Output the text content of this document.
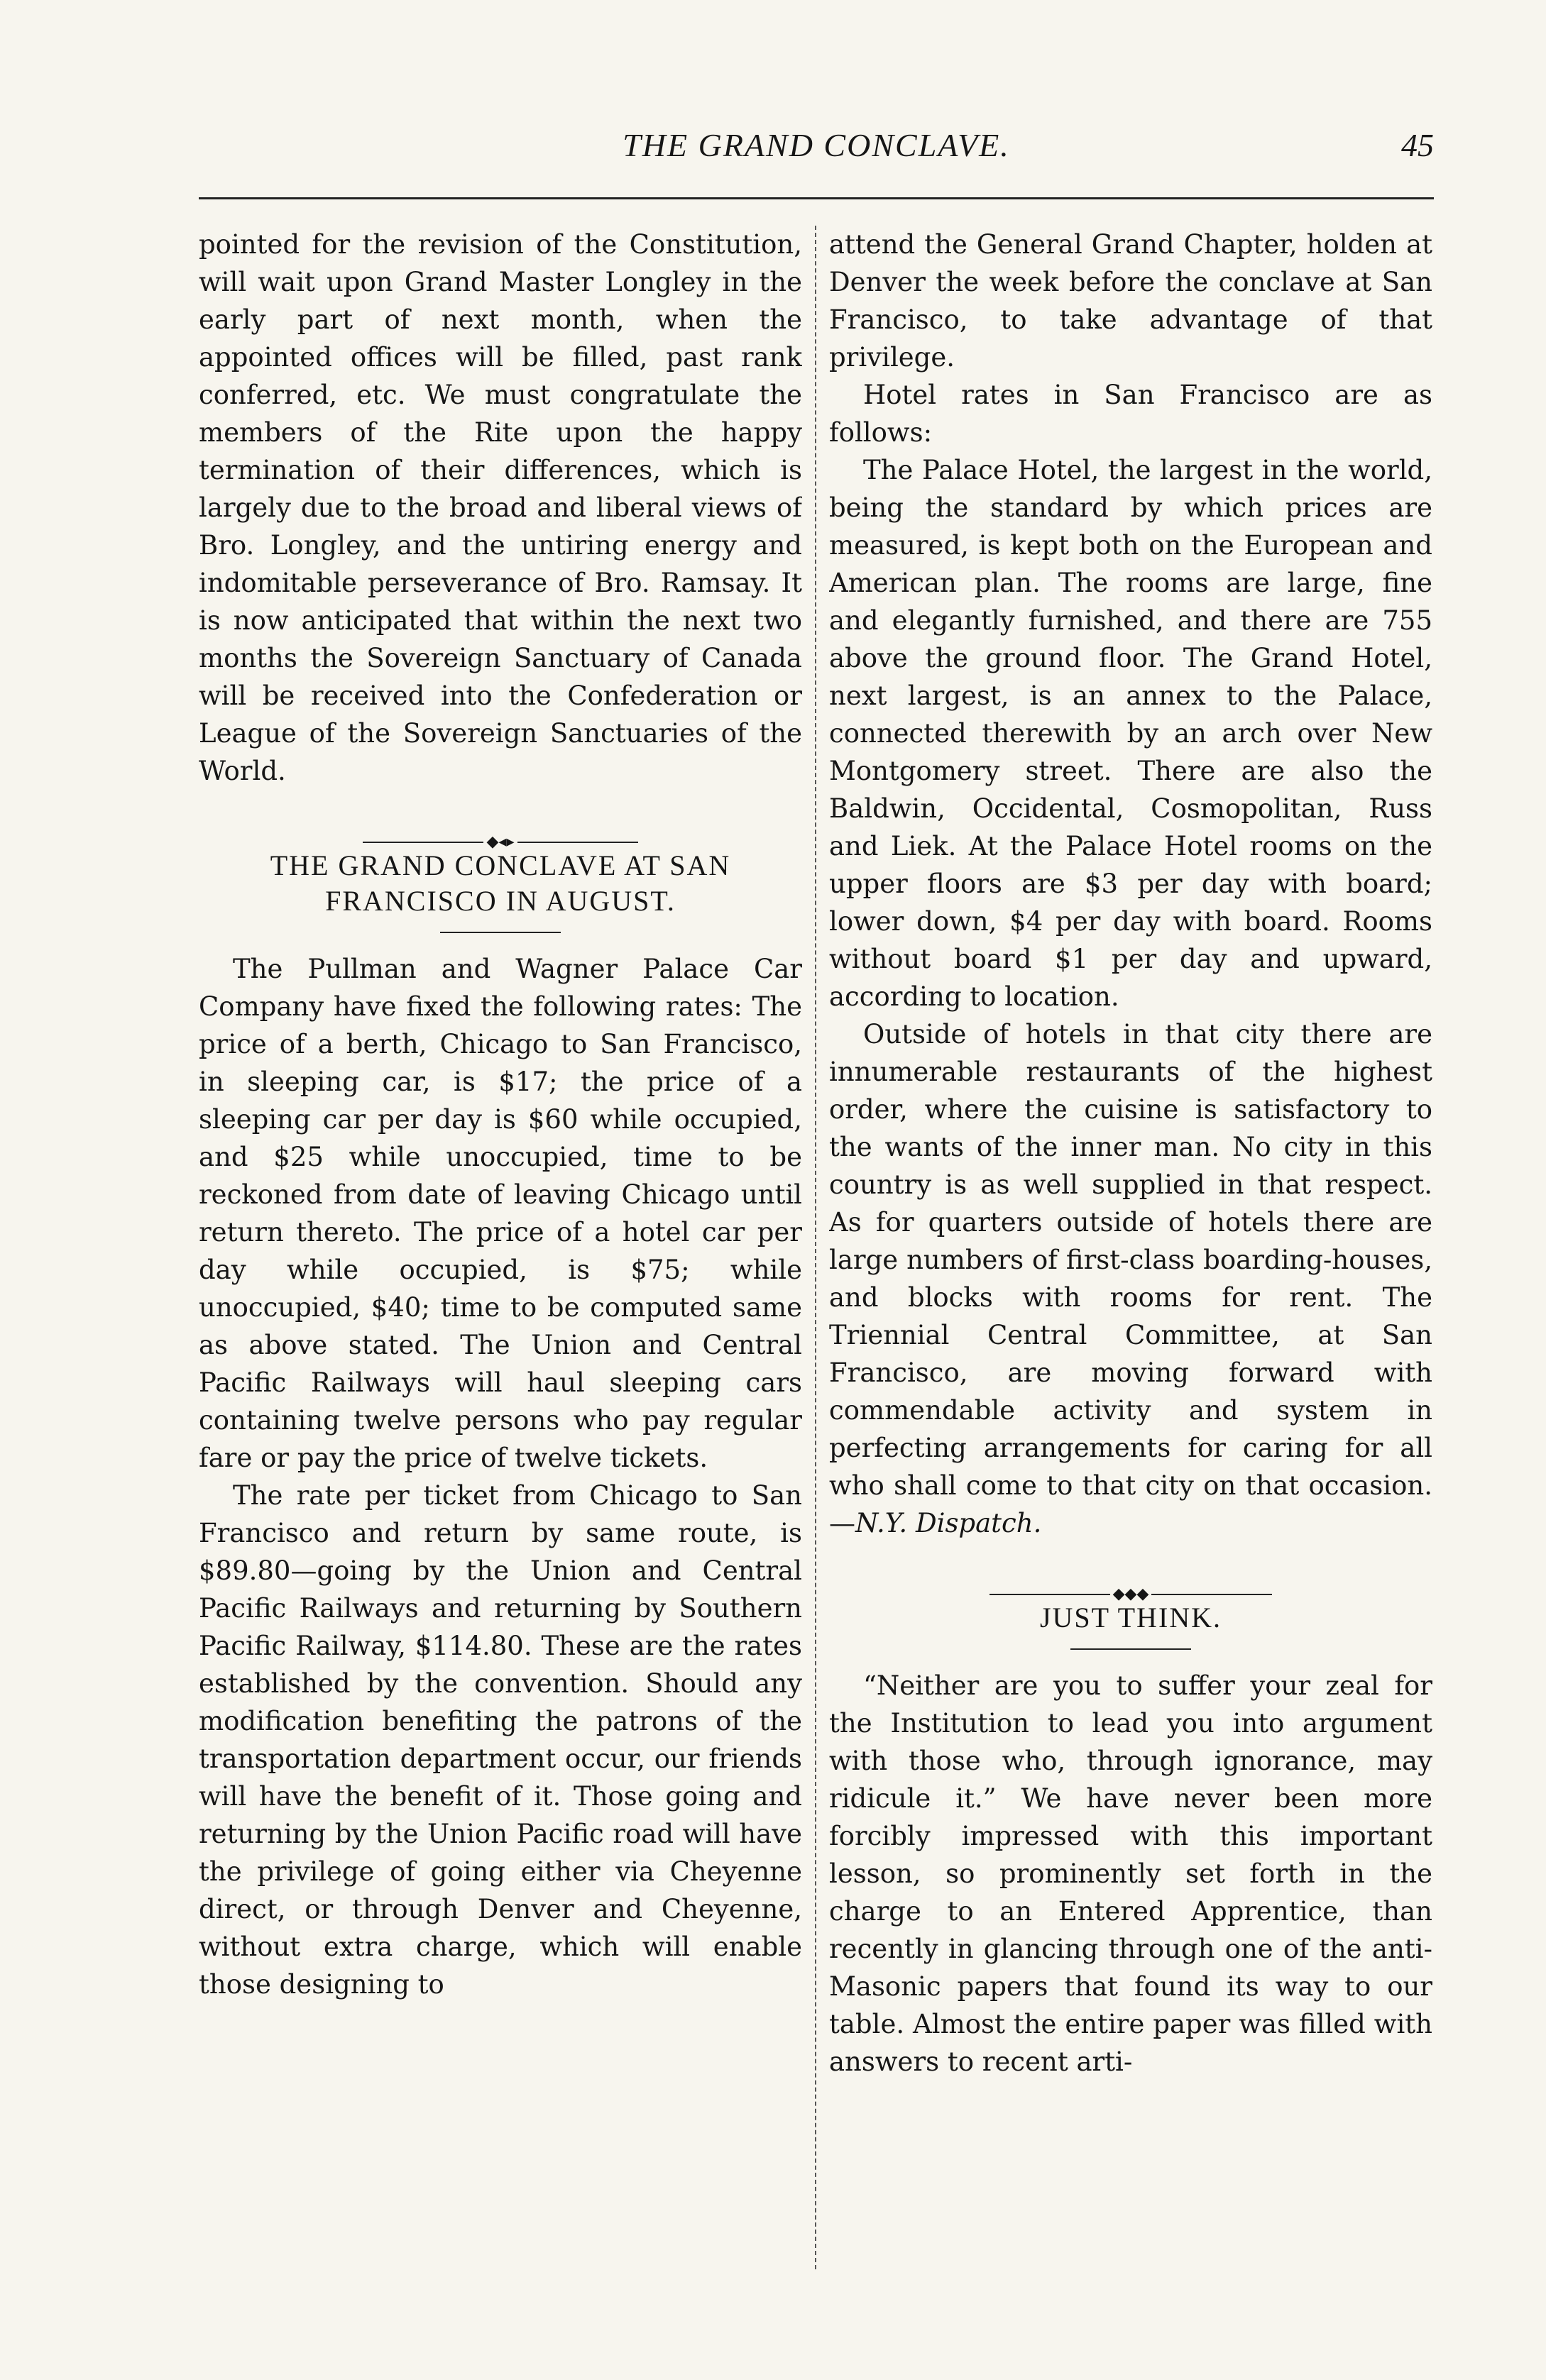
THE GRAND CONCLAVE.	45

pointed for the revision of the Constitution, will wait upon Grand Master Longley in the early part of next month, when the appointed offices will be filled, past rank conferred, etc. We must congratulate the members of the Rite upon the happy termination of their differences, which is largely due to the broad and liberal views of Bro. Longley, and the untiring energy and indomitable perseverance of Bro. Ramsay. It is now anticipated that within the next two months the Sovereign Sanctuary of Canada will be received into the Confederation or League of the Sovereign Sanctuaries of the World.

◆◂▸
THE GRAND CONCLAVE AT SAN FRANCISCO IN AUGUST.

The Pullman and Wagner Palace Car Company have fixed the following rates: The price of a berth, Chicago to San Francisco, in sleeping car, is $17; the price of a sleeping car per day is $60 while occupied, and $25 while unoccupied, time to be reckoned from date of leaving Chicago until return thereto. The price of a hotel car per day while occupied, is $75; while unoccupied, $40; time to be computed same as above stated. The Union and Central Pacific Railways will haul sleeping cars containing twelve persons who pay regular fare or pay the price of twelve tickets.

The rate per ticket from Chicago to San Francisco and return by same route, is $89.80—going by the Union and Central Pacific Railways and returning by Southern Pacific Railway, $114.80. These are the rates established by the convention. Should any modification benefiting the patrons of the transportation department occur, our friends will have the benefit of it. Those going and returning by the Union Pacific road will have the privilege of going either via Cheyenne direct, or through Denver and Cheyenne, without extra charge, which will enable those designing to

attend the General Grand Chapter, holden at Denver the week before the conclave at San Francisco, to take advantage of that privilege.

Hotel rates in San Francisco are as follows:

The Palace Hotel, the largest in the world, being the standard by which prices are measured, is kept both on the European and American plan. The rooms are large, fine and elegantly furnished, and there are 755 above the ground floor. The Grand Hotel, next largest, is an annex to the Palace, connected therewith by an arch over New Montgomery street. There are also the Baldwin, Occidental, Cosmopolitan, Russ and Liek. At the Palace Hotel rooms on the upper floors are $3 per day with board; lower down, $4 per day with board. Rooms without board $1 per day and upward, according to location.

Outside of hotels in that city there are innumerable restaurants of the highest order, where the cuisine is satisfactory to the wants of the inner man. No city in this country is as well supplied in that respect. As for quarters outside of hotels there are large numbers of first-class boarding-houses, and blocks with rooms for rent. The Triennial Central Committee, at San Francisco, are moving forward with commendable activity and system in perfecting arrangements for caring for all who shall come to that city on that occasion.—N.Y. Dispatch.

◆◆◆
JUST THINK.

“Neither are you to suffer your zeal for the Institution to lead you into argument with those who, through ignorance, may ridicule it.” We have never been more forcibly impressed with this important lesson, so prominently set forth in the charge to an Entered Apprentice, than recently in glancing through one of the anti-Masonic papers that found its way to our table. Almost the entire paper was filled with answers to recent arti-
